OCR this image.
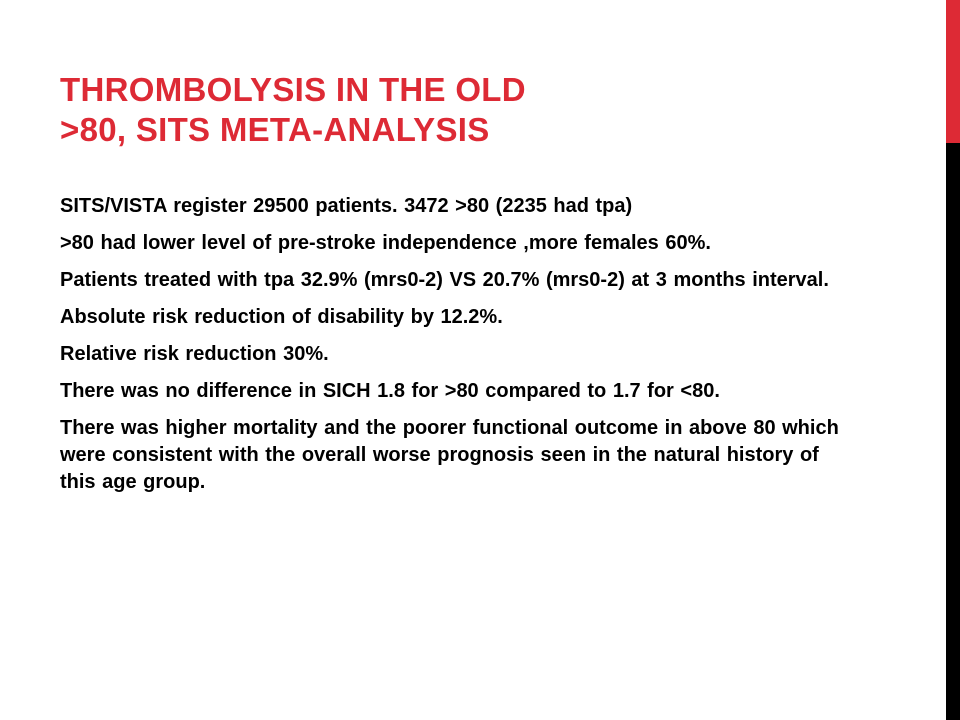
THROMBOLYSIS IN THE OLD
>80, SITS META-ANALYSIS
SITS/VISTA register 29500 patients. 3472 >80 (2235 had tpa)
>80 had lower level of pre-stroke independence ,more females 60%.
Patients treated with tpa 32.9% (mrs0-2) VS 20.7% (mrs0-2) at 3 months interval.
Absolute risk reduction of disability by 12.2%.
Relative risk reduction 30%.
There was no difference in SICH 1.8 for >80 compared to 1.7 for <80.
There was higher mortality and the poorer functional outcome in above 80 which were consistent with the overall worse prognosis seen in the natural history of this age group.
